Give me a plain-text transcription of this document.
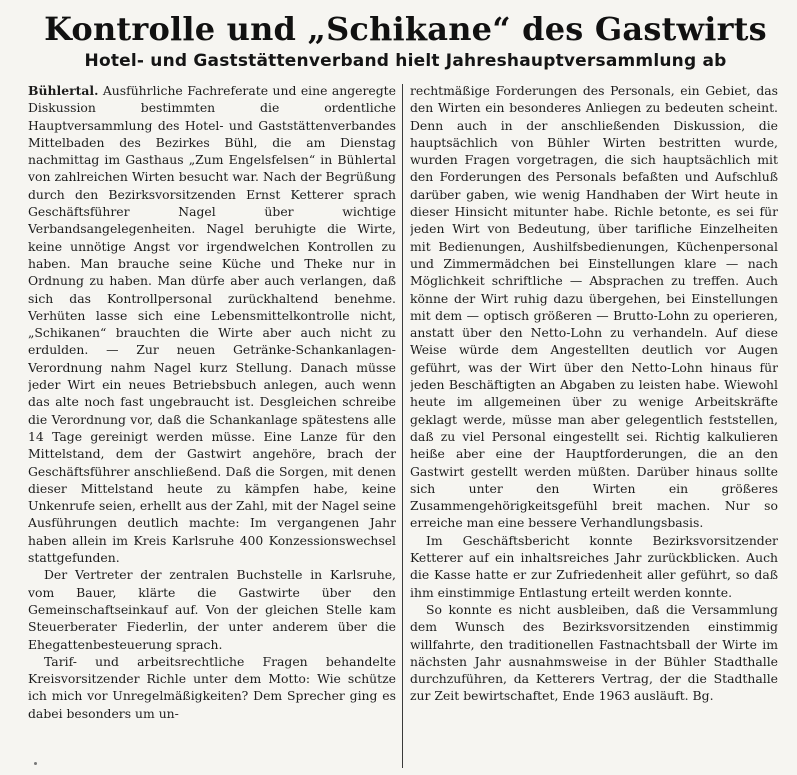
Kontrolle und „Schikane“ des Gastwirts
Hotel- und Gaststättenverband hielt Jahreshauptversammlung ab

Bühlertal. Ausführliche Fachreferate und eine angeregte Diskussion bestimmten die ordentliche Hauptversammlung des Hotel- und Gaststättenverbandes Mittelbaden des Bezirkes Bühl, die am Dienstag nachmittag im Gasthaus „Zum Engelsfelsen“ in Bühlertal von zahlreichen Wirten besucht war. Nach der Begrüßung durch den Bezirksvorsitzenden Ernst Ketterer sprach Geschäftsführer Nagel über wichtige Verbandsangelegenheiten. Nagel beruhigte die Wirte, keine unnötige Angst vor irgendwelchen Kontrollen zu haben. Man brauche seine Küche und Theke nur in Ordnung zu haben. Man dürfe aber auch verlangen, daß sich das Kontrollpersonal zurückhaltend benehme. Verhüten lasse sich eine Lebensmittelkontrolle nicht, „Schikanen“ brauchten die Wirte aber auch nicht zu erdulden. — Zur neuen Getränke-Schankanlagen-Verordnung nahm Nagel kurz Stellung. Danach müsse jeder Wirt ein neues Betriebsbuch anlegen, auch wenn das alte noch fast ungebraucht ist. Desgleichen schreibe die Verordnung vor, daß die Schankanlage spätestens alle 14 Tage gereinigt werden müsse. Eine Lanze für den Mittelstand, dem der Gastwirt angehöre, brach der Geschäftsführer anschließend. Daß die Sorgen, mit denen dieser Mittelstand heute zu kämpfen habe, keine Unkenrufe seien, erhellt aus der Zahl, mit der Nagel seine Ausführungen deutlich machte: Im vergangenen Jahr haben allein im Kreis Karlsruhe 400 Konzessionswechsel stattgefunden.

Der Vertreter der zentralen Buchstelle in Karlsruhe, vom Bauer, klärte die Gastwirte über den Gemeinschaftseinkauf auf. Von der gleichen Stelle kam Steuerberater Fiederlin, der unter anderem über die Ehegattenbesteuerung sprach.

Tarif- und arbeitsrechtliche Fragen behandelte Kreisvorsitzender Richle unter dem Motto: Wie schütze ich mich vor Unregelmäßigkeiten? Dem Sprecher ging es dabei besonders um un-

rechtmäßige Forderungen des Personals, ein Gebiet, das den Wirten ein besonderes Anliegen zu bedeuten scheint. Denn auch in der anschließenden Diskussion, die hauptsächlich von Bühler Wirten bestritten wurde, wurden Fragen vorgetragen, die sich hauptsächlich mit den Forderungen des Personals befaßten und Aufschluß darüber gaben, wie wenig Handhaben der Wirt heute in dieser Hinsicht mitunter habe. Richle betonte, es sei für jeden Wirt von Bedeutung, über tarifliche Einzelheiten mit Bedienungen, Aushilfsbedienungen, Küchenpersonal und Zimmermädchen bei Einstellungen klare — nach Möglichkeit schriftliche — Absprachen zu treffen. Auch könne der Wirt ruhig dazu übergehen, bei Einstellungen mit dem — optisch größeren — Brutto-Lohn zu operieren, anstatt über den Netto-Lohn zu verhandeln. Auf diese Weise würde dem Angestellten deutlich vor Augen geführt, was der Wirt über den Netto-Lohn hinaus für jeden Beschäftigten an Abgaben zu leisten habe. Wiewohl heute im allgemeinen über zu wenige Arbeitskräfte geklagt werde, müsse man aber gelegentlich feststellen, daß zu viel Personal eingestellt sei. Richtig kalkulieren heiße aber eine der Hauptforderungen, die an den Gastwirt gestellt werden müßten. Darüber hinaus sollte sich unter den Wirten ein größeres Zusammengehörigkeitsgefühl breit machen. Nur so erreiche man eine bessere Verhandlungsbasis.

Im Geschäftsbericht konnte Bezirksvorsitzender Ketterer auf ein inhaltsreiches Jahr zurückblicken. Auch die Kasse hatte er zur Zufriedenheit aller geführt, so daß ihm einstimmige Entlastung erteilt werden konnte.

So konnte es nicht ausbleiben, daß die Versammlung dem Wunsch des Bezirksvorsitzenden einstimmig willfahrte, den traditionellen Fastnachtsball der Wirte im nächsten Jahr ausnahmsweise in der Bühler Stadthalle durchzuführen, da Ketterers Vertrag, der die Stadthalle zur Zeit bewirtschaftet, Ende 1963 ausläuft. Bg.
